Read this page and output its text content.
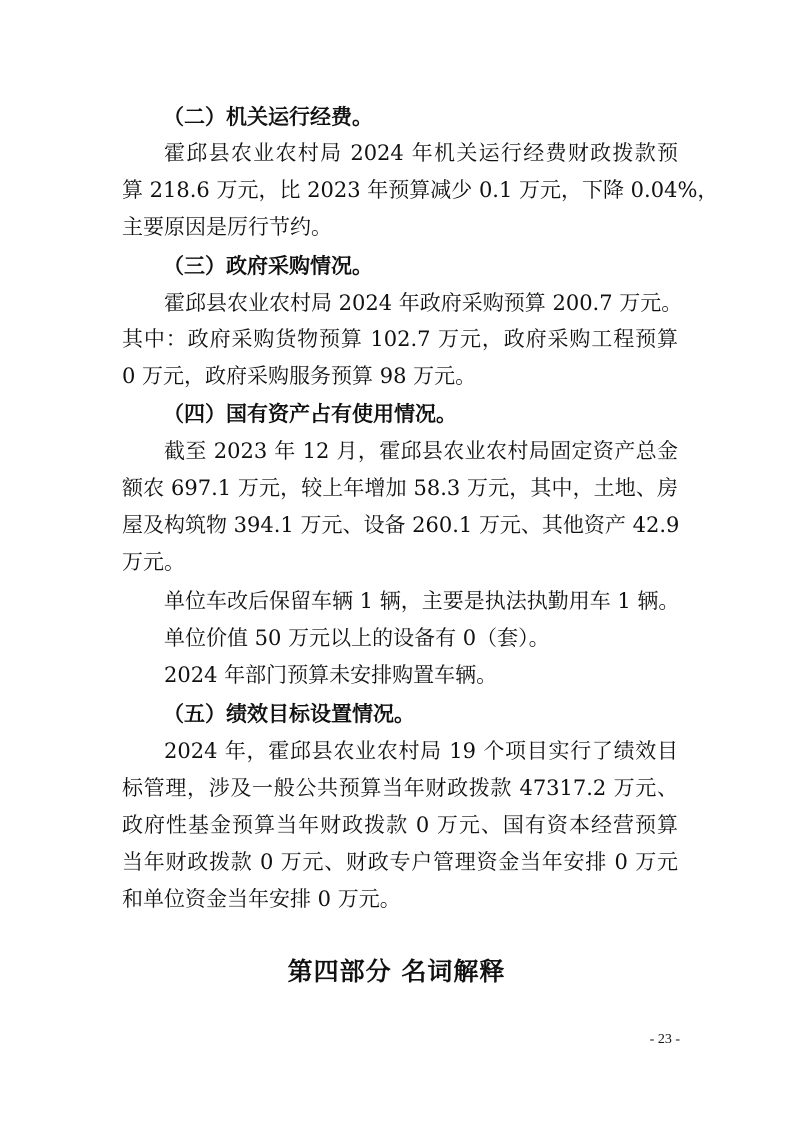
（二）机关运行经费。
霍邱县农业农村局 2024 年机关运行经费财政拨款预
算 218.6 万元，比 2023 年预算减少 0.1 万元，下降 0.04%，
主要原因是厉行节约。
（三）政府采购情况。
霍邱县农业农村局 2024 年政府采购预算 200.7 万元。
其中：政府采购货物预算 102.7 万元，政府采购工程预算
0 万元，政府采购服务预算 98 万元。
（四）国有资产占有使用情况。
截至 2023 年 12 月，霍邱县农业农村局固定资产总金
额农 697.1 万元，较上年增加 58.3 万元，其中，土地、房
屋及构筑物 394.1 万元、设备 260.1 万元、其他资产 42.9
万元。
单位车改后保留车辆 1 辆，主要是执法执勤用车 1 辆。
单位价值 50 万元以上的设备有 0（套）。
2024 年部门预算未安排购置车辆。
（五）绩效目标设置情况。
2024 年，霍邱县农业农村局 19 个项目实行了绩效目
标管理，涉及一般公共预算当年财政拨款 47317.2 万元、
政府性基金预算当年财政拨款 0 万元、国有资本经营预算
当年财政拨款 0 万元、财政专户管理资金当年安排 0 万元
和单位资金当年安排 0 万元。
第四部分 名词解释
- 23 -
